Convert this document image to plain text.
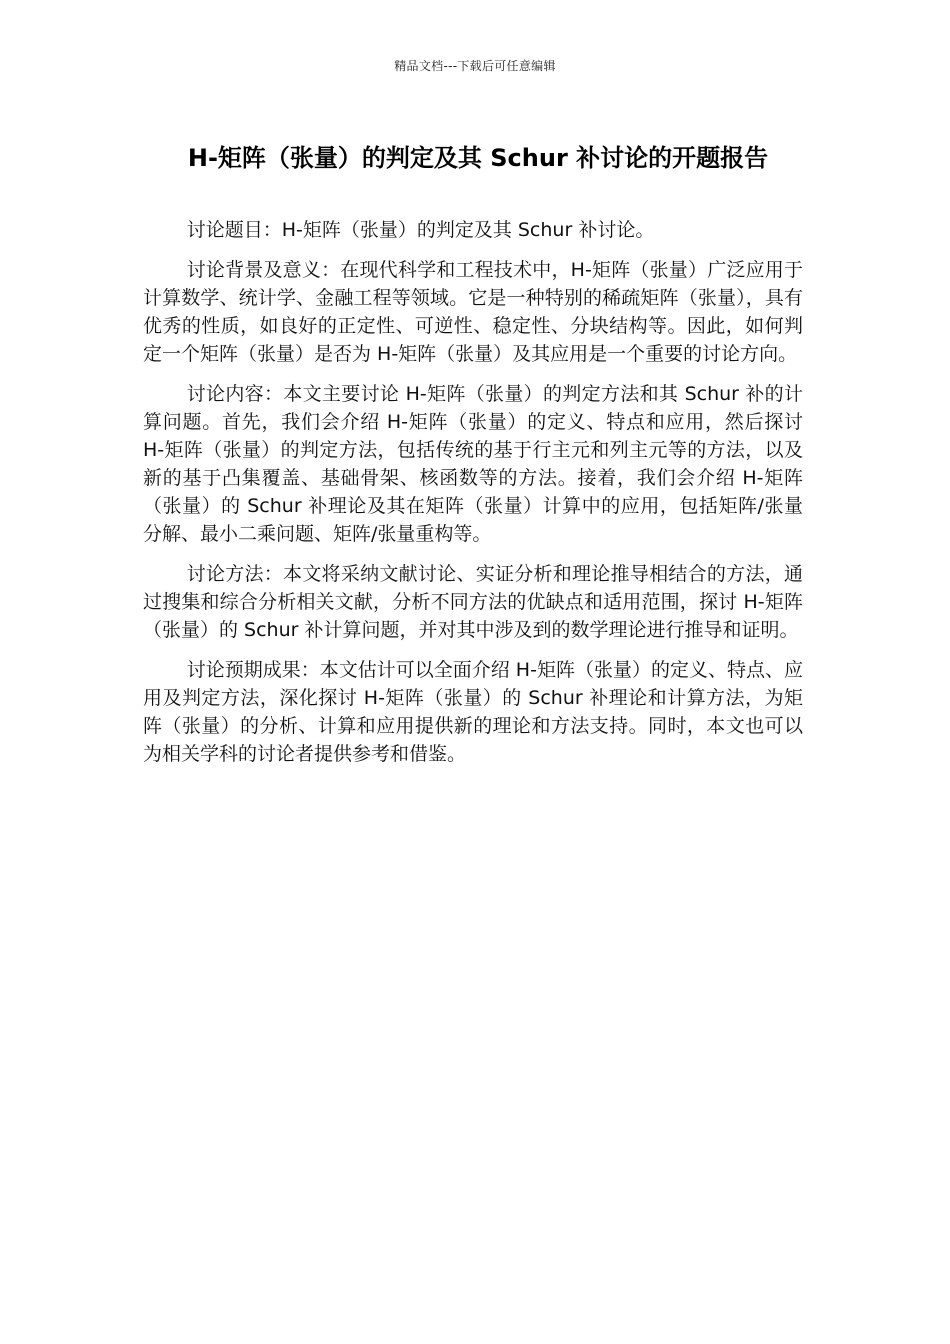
精品文档---下载后可任意编辑
H-矩阵（张量）的判定及其 Schur 补讨论的开题报告

讨论题目：H-矩阵（张量）的判定及其 Schur 补讨论。

讨论背景及意义：在现代科学和工程技术中，H-矩阵（张量）广泛应用于计算数学、统计学、金融工程等领域。它是一种特别的稀疏矩阵（张量），具有优秀的性质，如良好的正定性、可逆性、稳定性、分块结构等。因此，如何判定一个矩阵（张量）是否为 H-矩阵（张量）及其应用是一个重要的讨论方向。

讨论内容：本文主要讨论 H-矩阵（张量）的判定方法和其 Schur 补的计算问题。首先，我们会介绍 H-矩阵（张量）的定义、特点和应用，然后探讨 H-矩阵（张量）的判定方法，包括传统的基于行主元和列主元等的方法，以及新的基于凸集覆盖、基础骨架、核函数等的方法。接着，我们会介绍 H-矩阵（张量）的 Schur 补理论及其在矩阵（张量）计算中的应用，包括矩阵/张量分解、最小二乘问题、矩阵/张量重构等。

讨论方法：本文将采纳文献讨论、实证分析和理论推导相结合的方法，通过搜集和综合分析相关文献，分析不同方法的优缺点和适用范围，探讨 H-矩阵（张量）的 Schur 补计算问题，并对其中涉及到的数学理论进行推导和证明。

讨论预期成果：本文估计可以全面介绍 H-矩阵（张量）的定义、特点、应用及判定方法，深化探讨 H-矩阵（张量）的 Schur 补理论和计算方法，为矩阵（张量）的分析、计算和应用提供新的理论和方法支持。同时，本文也可以为相关学科的讨论者提供参考和借鉴。
